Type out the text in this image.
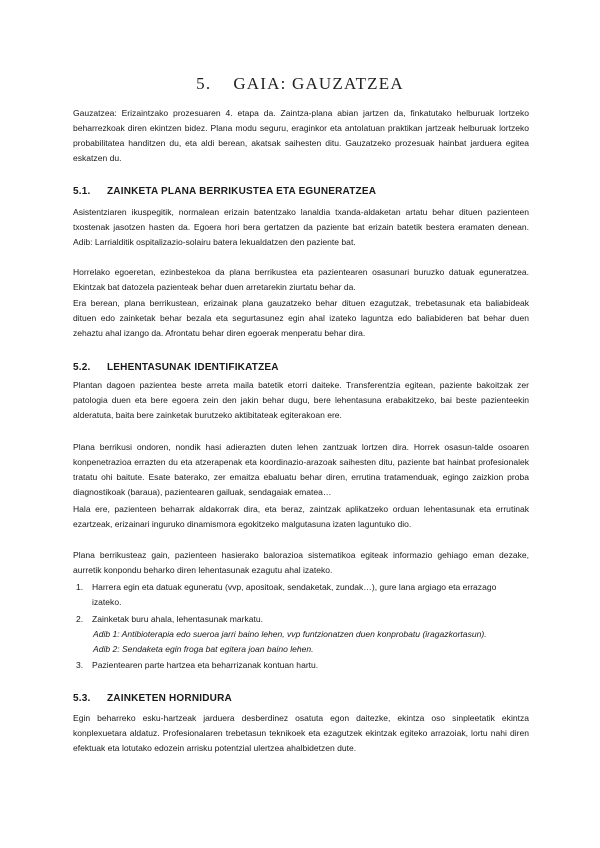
5. GAIA: GAUZATZEA

Gauzatzea: Erizaintzako prozesuaren 4. etapa da. Zaintza-plana abian jartzen da, finkatutako helburuak lortzeko beharrezkoak diren ekintzen bidez. Plana modu seguru, eraginkor eta antolatuan praktikan jartzeak helburuak lortzeko probabilitatea handitzen du, eta aldi berean, akatsak saihesten ditu. Gauzatzeko prozesuak hainbat jarduera egitea eskatzen du.

5.1. ZAINKETA PLANA BERRIKUSTEA ETA EGUNERATZEA

Asistentziaren ikuspegitik, normalean erizain batentzako lanaldia txanda-aldaketan artatu behar dituen pazienteen txostenak jasotzen hasten da. Egoera hori bera gertatzen da paziente bat erizain batetik bestera eramaten denean. Adib: Larrialditik ospitalizazio-solairu batera lekualdatzen den paziente bat.

Horrelako egoeretan, ezinbestekoa da plana berrikustea eta pazientearen osasunari buruzko datuak eguneratzea. Ekintzak bat datozela pazienteak behar duen arretarekin ziurtatu behar da.

Era berean, plana berrikustean, erizainak plana gauzatzeko behar dituen ezagutzak, trebetasunak eta baliabideak dituen edo zainketak behar bezala eta segurtasunez egin ahal izateko laguntza edo baliabideren bat behar duen zehaztu ahal izango da. Afrontatu behar diren egoerak menperatu behar dira.

5.2. LEHENTASUNAK IDENTIFIKATZEA

Plantan dagoen pazientea beste arreta maila batetik etorri daiteke. Transferentzia egitean, paziente bakoitzak zer patologia duen eta bere egoera zein den jakin behar dugu, bere lehentasuna erabakitzeko, bai beste pazienteekin alderatuta, baita bere zainketak burutzeko aktibitateak egiterakoan ere.

Plana berrikusi ondoren, nondik hasi adierazten duten lehen zantzuak lortzen dira. Horrek osasun-talde osoaren konpenetrazioa errazten du eta atzerapenak eta koordinazio-arazoak saihesten ditu, paziente bat hainbat profesionalek tratatu ohi baitute. Esate baterako, zer emaitza ebaluatu behar diren, errutina tratamenduak, egingo zaizkion proba diagnostikoak (baraua), pazientearen gailuak, sendagaiak ematea…

Hala ere, pazienteen beharrak aldakorrak dira, eta beraz, zaintzak aplikatzeko orduan lehentasunak eta errutinak ezartzeak, erizainari inguruko dinamismora egokitzeko malgutasuna izaten laguntuko dio.

Plana berrikusteaz gain, pazienteen hasierako balorazioa sistematikoa egiteak informazio gehiago eman dezake, aurretik konpondu beharko diren lehentasunak ezagutu ahal izateko.

1. Harrera egin eta datuak eguneratu (vvp, apositoak, sendaketak, zundak…), gure lana argiago eta errazago izateko.
2. Zainketak buru ahala, lehentasunak markatu.

Adib 1: Antibioterapia edo sueroa jarri baino lehen, vvp funtzionatzen duen konprobatu (iragazkortasun).

Adib 2: Sendaketa egin froga bat egitera joan baino lehen.

3. Pazientearen parte hartzea eta beharrizanak kontuan hartu.
5.3. ZAINKETEN HORNIDURA

Egin beharreko esku-hartzeak jarduera desberdinez osatuta egon daitezke, ekintza oso sinpleetatik ekintza konplexuetara aldatuz. Profesionalaren trebetasun teknikoek eta ezagutzek ekintzak egiteko arrazoiak, lortu nahi diren efektuak eta lotutako edozein arrisku potentzial ulertzea ahalbidetzen dute.
